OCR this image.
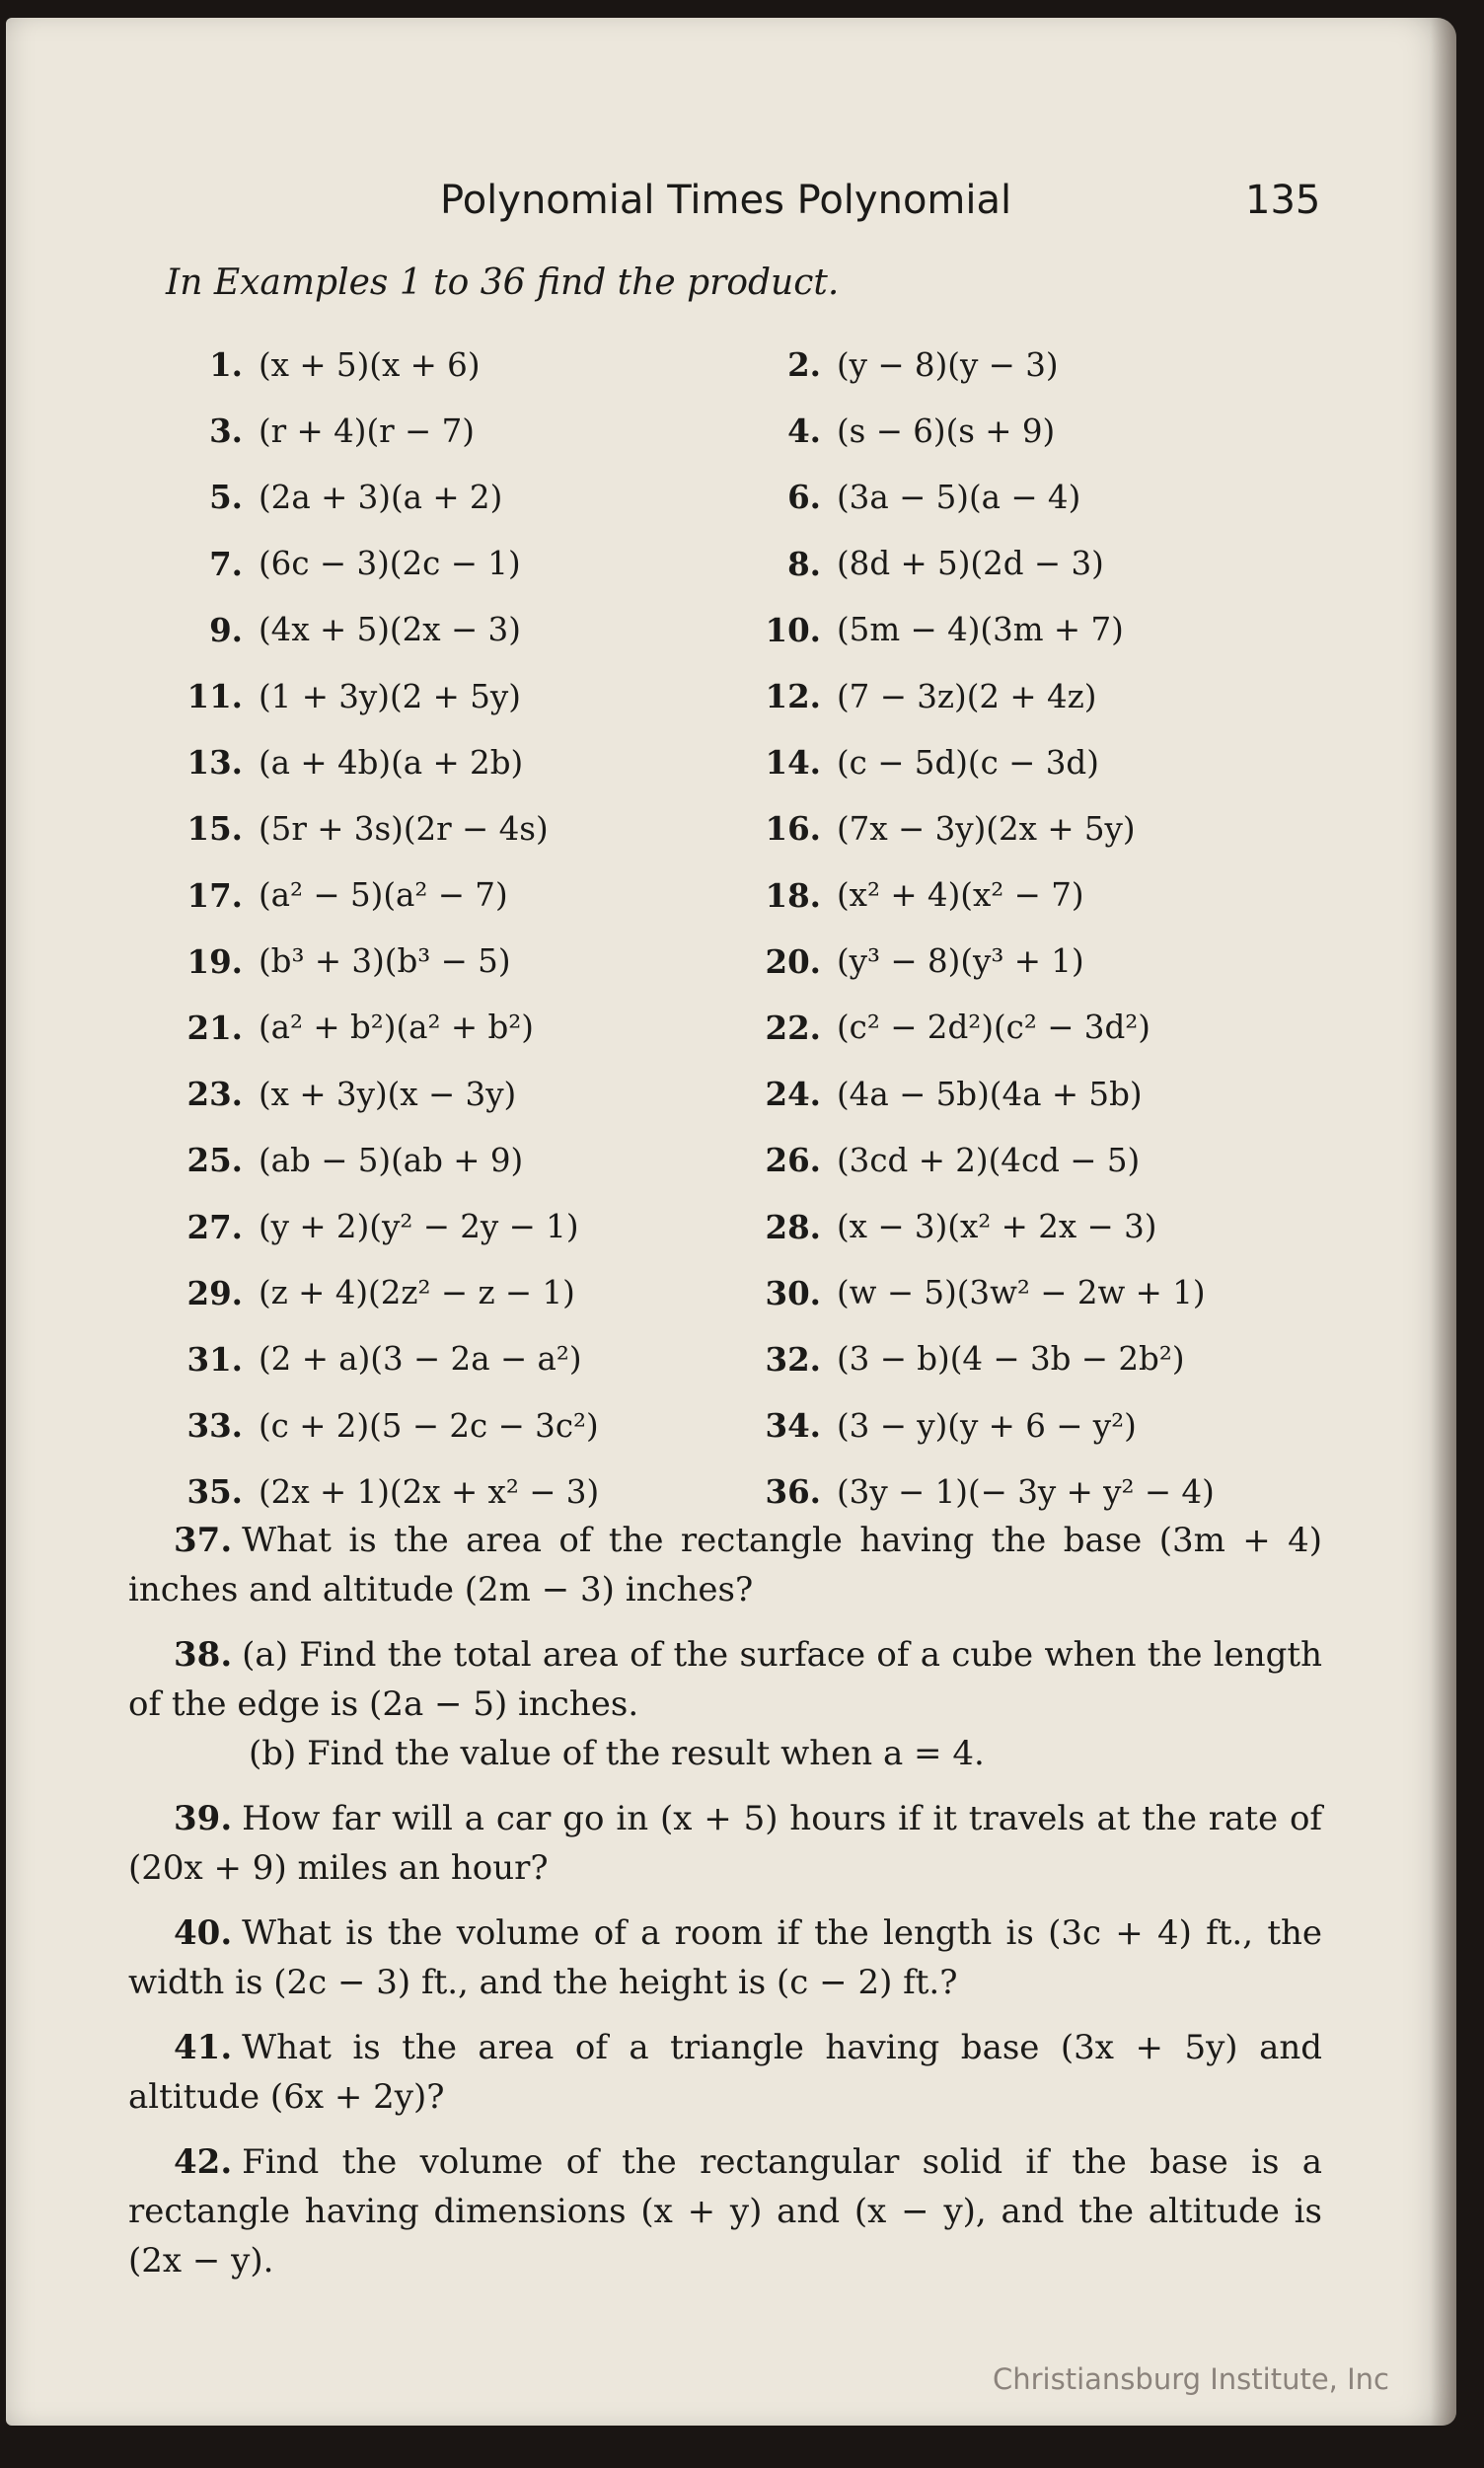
Polynomial Times Polynomial	135
In Examples 1 to 36 find the product.
1. (x + 5)(x + 6)	2. (y − 8)(y − 3)
3. (r + 4)(r − 7)	4. (s − 6)(s + 9)
5. (2a + 3)(a + 2)	6. (3a − 5)(a − 4)
7. (6c − 3)(2c − 1)	8. (8d + 5)(2d − 3)
9. (4x + 5)(2x − 3)	10. (5m − 4)(3m + 7)
11. (1 + 3y)(2 + 5y)	12. (7 − 3z)(2 + 4z)
13. (a + 4b)(a + 2b)	14. (c − 5d)(c − 3d)
15. (5r + 3s)(2r − 4s)	16. (7x − 3y)(2x + 5y)
17. (a² − 5)(a² − 7)	18. (x² + 4)(x² − 7)
19. (b³ + 3)(b³ − 5)	20. (y³ − 8)(y³ + 1)
21. (a² + b²)(a² + b²)	22. (c² − 2d²)(c² − 3d²)
23. (x + 3y)(x − 3y)	24. (4a − 5b)(4a + 5b)
25. (ab − 5)(ab + 9)	26. (3cd + 2)(4cd − 5)
27. (y + 2)(y² − 2y − 1)	28. (x − 3)(x² + 2x − 3)
29. (z + 4)(2z² − z − 1)	30. (w − 5)(3w² − 2w + 1)
31. (2 + a)(3 − 2a − a²)	32. (3 − b)(4 − 3b − 2b²)
33. (c + 2)(5 − 2c − 3c²)	34. (3 − y)(y + 6 − y²)
35. (2x + 1)(2x + x² − 3)	36. (3y − 1)(− 3y + y² − 4)
37. What is the area of the rectangle having the base (3m + 4) inches and altitude (2m − 3) inches?
38. (a) Find the total area of the surface of a cube when the length of the edge is (2a − 5) inches.
(b) Find the value of the result when a = 4.
39. How far will a car go in (x + 5) hours if it travels at the rate of (20x + 9) miles an hour?
40. What is the volume of a room if the length is (3c + 4) ft., the width is (2c − 3) ft., and the height is (c − 2) ft.?
41. What is the area of a triangle having base (3x + 5y) and altitude (6x + 2y)?
42. Find the volume of the rectangular solid if the base is a rectangle having dimensions (x + y) and (x − y), and the altitude is (2x − y).
Christiansburg Institute, Inc
